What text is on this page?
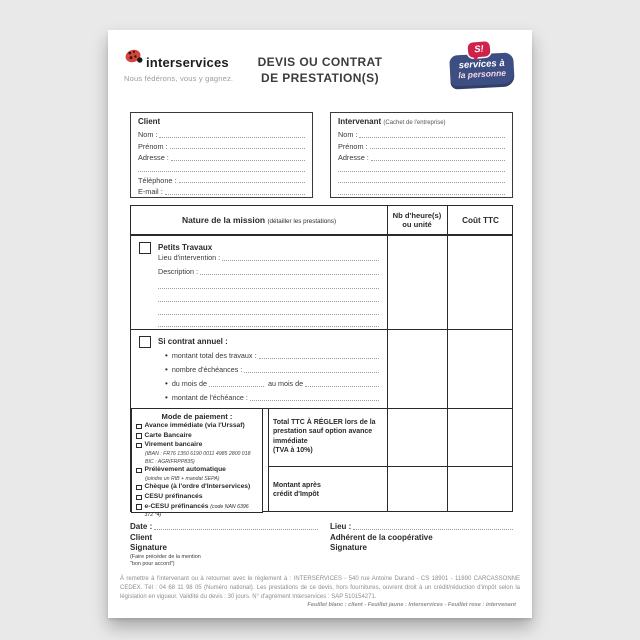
interservices
Nous fédérons, vous y gagnez.
DEVIS OU CONTRAT
DE PRESTATION(S)
S!
services à
la personne
Client
Nom :
Prénom :
Adresse :
Téléphone :
E-mail :
Intervenant (Cachet de l'entreprise)
Nom :
Prénom :
Adresse :
Nature de la mission (détailler les prestations)
Nb d'heure(s)
ou unité	Coût TTC
Petits Travaux
Lieu d'intervention :
Description :
Si contrat annuel :
• montant total des travaux :
• nombre d'échéances :
• du mois de	au mois de
• montant de l'échéance :
Mode de paiement :
Avance immédiate (via l'Urssaf)
Carte Bancaire
Virement bancaire
(IBAN : FR76 1350 6190 0011 4985 2800 018
BIC : AGRIFRPP835)
Prélèvement automatique
(joindre un RIB + mandat SEPA)
Chèque (à l'ordre d'Interservices)
CESU préfinancés
e-CESU préfinancés (code NAN 6396 372 *4)
Total TTC À RÉGLER lors de la prestation sauf option avance immédiate
(TVA à 10%)
Montant après
crédit d'Impôt
Date :
Client
Signature
(Faire précéder de la mention
"bon pour accord")
Lieu :
Adhérent de la coopérative
Signature
À remettre à l'intervenant ou à retourner avec le règlement à : INTERSERVICES - 540 rue Antoine Durand - CS 18901 - 11890 CARCASSONNE CEDEX. Tél : 04 68 11 98 05 (Numéro national). Les prestations de ce devis, hors fournitures, ouvrent droit à un crédit/réduction d'impôt selon la législation en vigueur. Validité du devis : 30 jours. N° d'agrément Interservices : SAP 510154271.
Feuillet blanc : client - Feuillet jaune : Interservices - Feuillet rose : intervenant
